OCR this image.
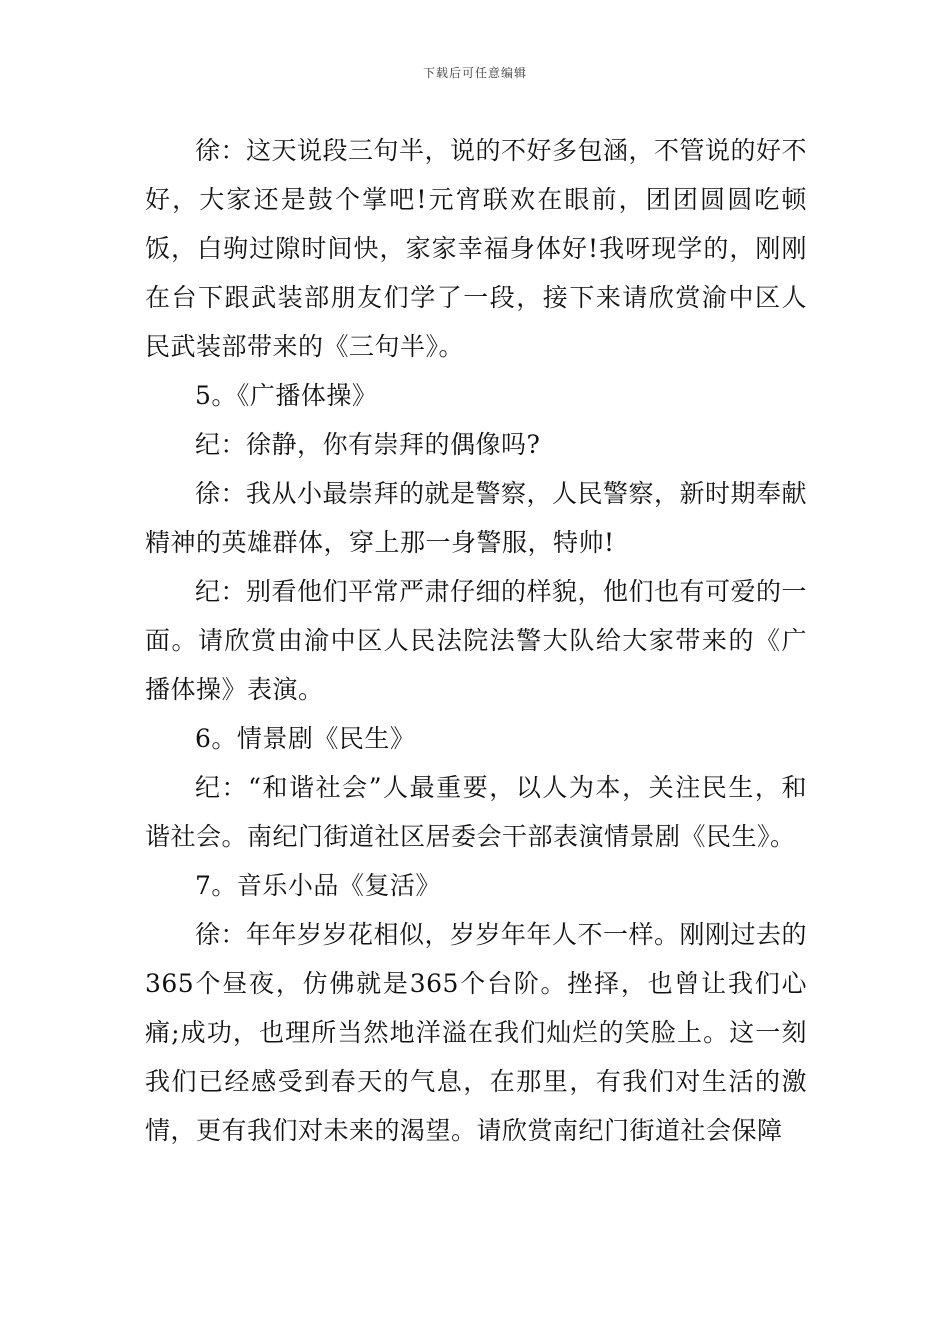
下载后可任意编辑

徐：这天说段三句半，说的不好多包涵，不管说的好不好，大家还是鼓个掌吧!元宵联欢在眼前，团团圆圆吃顿饭，白驹过隙时间快，家家幸福身体好!我呀现学的，刚刚在台下跟武装部朋友们学了一段，接下来请欣赏渝中区人民武装部带来的《三句半》。

5。《广播体操》

纪：徐静，你有崇拜的偶像吗?

徐：我从小最崇拜的就是警察，人民警察，新时期奉献精神的英雄群体，穿上那一身警服，特帅!

纪：别看他们平常严肃仔细的样貌，他们也有可爱的一面。请欣赏由渝中区人民法院法警大队给大家带来的《广播体操》表演。

6。情景剧《民生》

纪：“和谐社会”人最重要，以人为本，关注民生，和谐社会。南纪门街道社区居委会干部表演情景剧《民生》。

7。音乐小品《复活》

徐：年年岁岁花相似，岁岁年年人不一样。刚刚过去的365个昼夜，仿佛就是365个台阶。挫择，也曾让我们心痛;成功，也理所当然地洋溢在我们灿烂的笑脸上。这一刻我们已经感受到春天的气息，在那里，有我们对生活的激情，更有我们对未来的渴望。请欣赏南纪门街道社会保障
